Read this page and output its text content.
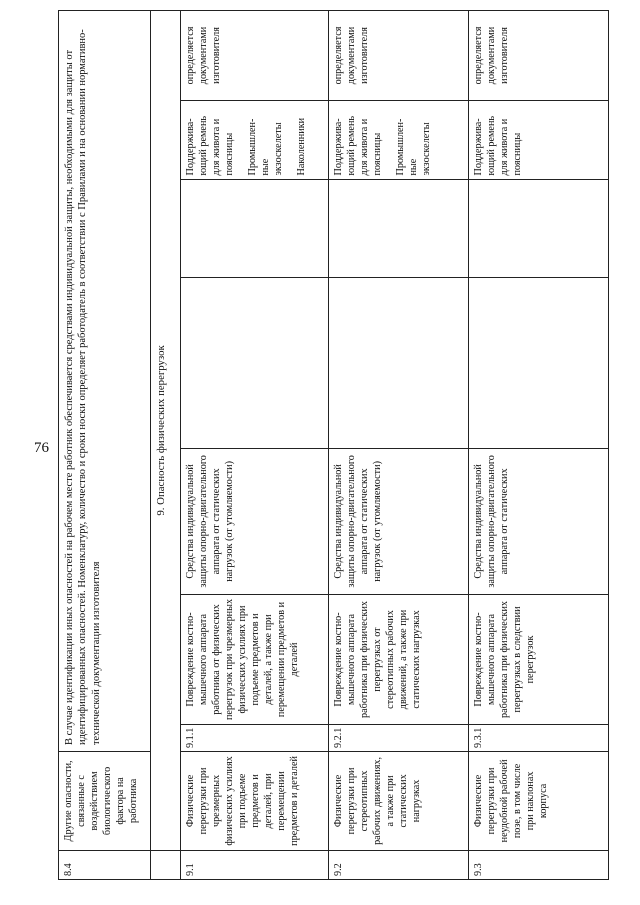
76
8.4	Другие опасности, связанные с воздействием биологического фактора на работника	В случае идентификации иных опасностей на рабочем месте работник обеспечивается средствами индивидуальной защиты, необходимыми для защиты от идентифицированных опасностей. Номенклатуру, количество и сроки носки определяет работодатель в соответствии с Правилами и на основании нормативно-технической документации изготовителя						
	9. Опасность физических перегрузок							
9.1	Физические перегрузки при чрезмерных физических усилиях при подъеме предметов и деталей, при перемещении предметов и деталей	9.1.1	Повреждение костно-мышечного аппарата работника от физических перегрузок при чрезмерных физических усилиях при подъеме предметов и деталей, а также при перемещении предметов и деталей	Средства индивидуальной защиты опорно-двигательного аппарата от статических нагрузок (от утомляемости)			Поддержива-ющий ремень для живота и поясницы Промышлен-ные экзоскелеты Наколенники	определяется документами изготовителя
9.2	Физические перегрузки при стереотипных рабочих движениях, а также при статических нагрузках	9.2.1	Повреждение костно-мышечного аппарата работника при физических перегрузках от стереотипных рабочих движений, а также при статических нагрузках	Средства индивидуальной защиты опорно-двигательного аппарата от статических нагрузок (от утомляемости)			Поддержива-ющий ремень для живота и поясницы Промышлен-ные экзоскелеты	определяется документами изготовителя
9.3	Физические перегрузки при неудобной рабочей позе, в том числе при наклонах корпуса	9.3.1	Повреждение костно-мышечного аппарата работника при физических перегрузках в следствии перегрузок	Средства индивидуальной защиты опорно-двигательного аппарата от статических			Поддержива-ющий ремень для живота и поясницы	определяется документами изготовителя
